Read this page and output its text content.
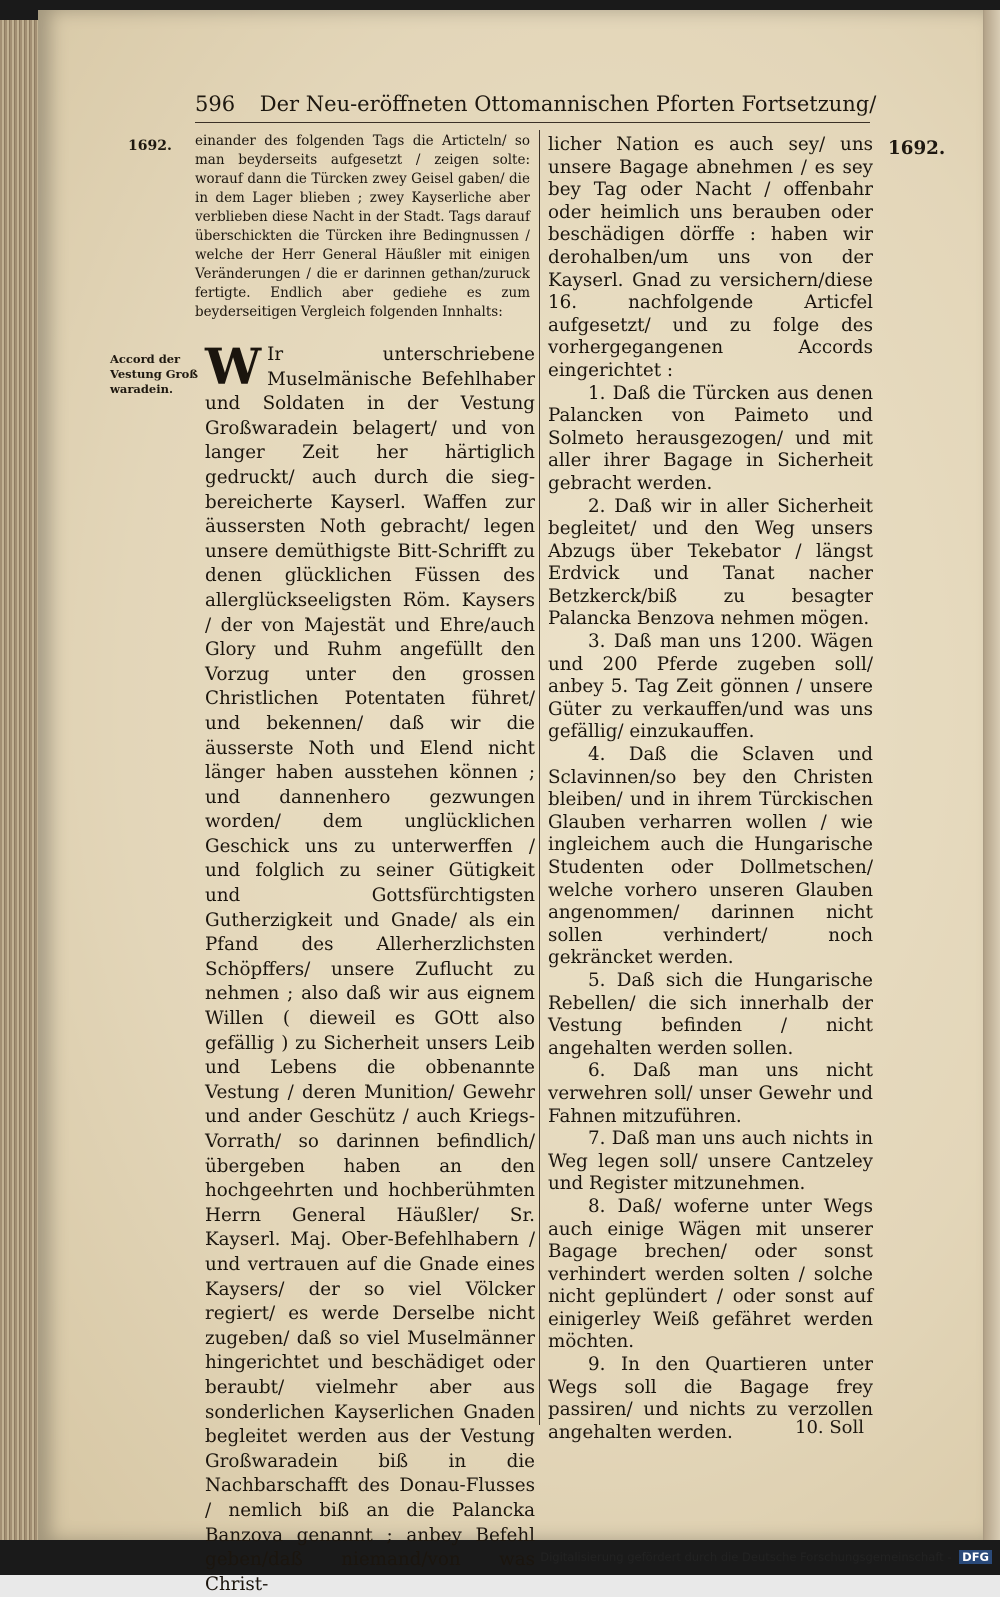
596 Der Neu-eröffneten Ottomannischen Pforten Fortsetzung/
1692.	1692.
Accord der Vestung Groß waradein.

einander des folgenden Tags die Articteln/ so man beyderseits aufgesetzt / zeigen solte: worauf dann die Türcken zwey Geisel gaben/ die in dem Lager blieben ; zwey Kayserliche aber verblieben diese Nacht in der Stadt. Tags darauf überschickten die Türcken ihre Bedingnussen / welche der Herr General Häußler mit einigen Veränderungen / die er darinnen gethan/zuruck fertigte. Endlich aber gediehe es zum beyderseitigen Vergleich folgenden Innhalts:

W Ir unterschriebene Muselmänische Befehlhaber und Soldaten in der Vestung Großwaradein belagert/ und von langer Zeit her härtiglich gedruckt/ auch durch die sieg-bereicherte Kayserl. Waffen zur äussersten Noth gebracht/ legen unsere demüthigste Bitt-Schrifft zu denen glücklichen Füssen des allerglückseeligsten Röm. Kaysers / der von Majestät und Ehre/auch Glory und Ruhm angefüllt den Vorzug unter den grossen Christlichen Potentaten führet/ und bekennen/ daß wir die äusserste Noth und Elend nicht länger haben ausstehen können ; und dannenhero gezwungen worden/ dem unglücklichen Geschick uns zu unterwerffen / und folglich zu seiner Gütigkeit und Gottsfürchtigsten Gutherzigkeit und Gnade/ als ein Pfand des Allerherzlichsten Schöpffers/ unsere Zuflucht zu nehmen ; also daß wir aus eignem Willen ( dieweil es GOtt also gefällig ) zu Sicherheit unsers Leib und Lebens die obbenannte Vestung / deren Munition/ Gewehr und ander Geschütz / auch Kriegs-Vorrath/ so darinnen befindlich/ übergeben haben an den hochgeehrten und hochberühmten Herrn General Häußler/ Sr. Kayserl. Maj. Ober-Befehlhabern / und vertrauen auf die Gnade eines Kaysers/ der so viel Völcker regiert/ es werde Derselbe nicht zugeben/ daß so viel Muselmänner hingerichtet und beschädiget oder beraubt/ vielmehr aber aus sonderlichen Kayserlichen Gnaden begleitet werden aus der Vestung Großwaradein biß in die Nachbarschafft des Donau-Flusses / nemlich biß an die Palancka Banzova genannt ; anbey Befehl geben/daß niemand/von was Christ-

licher Nation es auch sey/ uns unsere Bagage abnehmen / es sey bey Tag oder Nacht / offenbahr oder heimlich uns berauben oder beschädigen dörffe : haben wir derohalben/um uns von der Kayserl. Gnad zu versichern/diese 16. nachfolgende Articfel aufgesetzt/ und zu folge des vorhergegangenen Accords eingerichtet :

1. Daß die Türcken aus denen Palancken von Paimeto und Solmeto herausgezogen/ und mit aller ihrer Bagage in Sicherheit gebracht werden.

2. Daß wir in aller Sicherheit begleitet/ und den Weg unsers Abzugs über Tekebator / längst Erdvick und Tanat nacher Betzkerck/biß zu besagter Palancka Benzova nehmen mögen.

3. Daß man uns 1200. Wägen und 200 Pferde zugeben soll/ anbey 5. Tag Zeit gönnen / unsere Güter zu verkauffen/und was uns gefällig/ einzukauffen.

4. Daß die Sclaven und Sclavinnen/so bey den Christen bleiben/ und in ihrem Türckischen Glauben verharren wollen / wie ingleichem auch die Hungarische Studenten oder Dollmetschen/ welche vorhero unseren Glauben angenommen/ darinnen nicht sollen verhindert/ noch gekräncket werden.

5. Daß sich die Hungarische Rebellen/ die sich innerhalb der Vestung befinden / nicht angehalten werden sollen.

6. Daß man uns nicht verwehren soll/ unser Gewehr und Fahnen mitzuführen.

7. Daß man uns auch nichts in Weg legen soll/ unsere Cantzeley und Register mitzunehmen.

8. Daß/ woferne unter Wegs auch einige Wägen mit unserer Bagage brechen/ oder sonst verhindert werden solten / solche nicht geplündert / oder sonst auf einigerley Weiß gefähret werden möchten.

9. In den Quartieren unter Wegs soll die Bagage frey passiren/ und nichts zu verzollen angehalten werden.	10. Soll
Digitalisierung gefördert durch die Deutsche Forschungsgemeinschaft - DFG
